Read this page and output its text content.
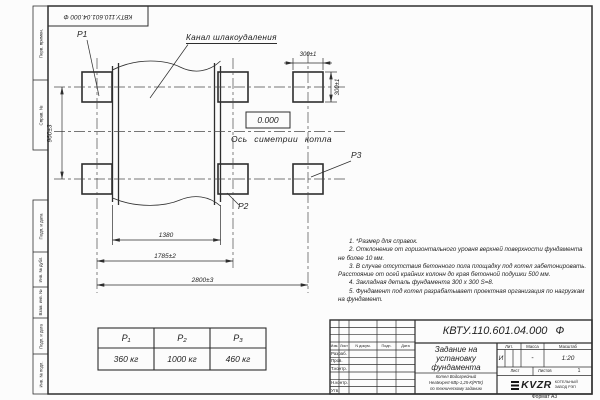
КВТУ.110.601.04.000 Ф
Перв. примен.
Справ. №
Подп. и дата
Инв. № дубл.
Взам. инв. №
Подп. и дата
Инв. № подл.
Р1	Канал шлакоудаления
Р2
Р3
0.000
Ось симетрии котла
960±3
1380
1785±2
2800±3
300±1
300±1
Р₁	Р₂	Р₃
360 кг	1000 кг	460 кг
1. *Размер для справок.
2. Отклонение от горизонтального уровня верхней поверхности фундамента не более 10 мм.
3. В случае отсутствия бетонного пола площадку под котел забетонировать. Расстояние от осей крайних колонн до края бетонной подушки 500 мм.
4. Закладная деталь фундамента 300 x 300 S=8.
5. Фундамент под котел разрабатывает проектная организация по нагрузкам на фундамент.
КВТУ.110.601.04.000 Ф
Изм. Лист	N докум.	Подп.	Дата
Разраб.
Пров.
Т.контр.
Н.контр.
Утв.
Задание на
установку
фундамента
Котел Водогрейный
Heatexpert-КВр-1,25-К(РПК)
по техническому заданию
Лит.	Масса	Масштаб
И	-	1:20
Лист	Листов	1
KVZR КОТЕЛЬНЫЙ
ЗАВОД РЭП
Формат А3
